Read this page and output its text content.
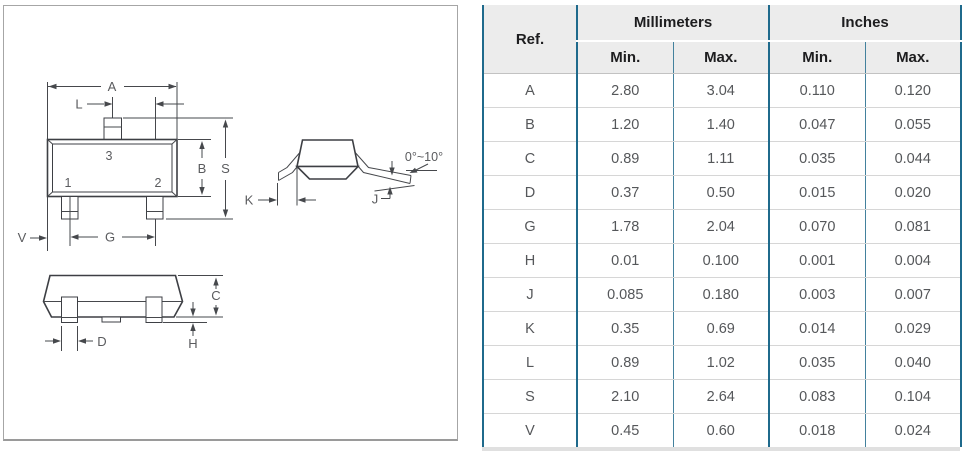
A
L
3
1	2
B S
V	G
K	J
0°~10°
C
H
D
Ref.	Millimeters		Inches	
	Min.	Max.	Min.	Max.
A	2.80	3.04	0.110	0.120
B	1.20	1.40	0.047	0.055
C	0.89	1.11	0.035	0.044
D	0.37	0.50	0.015	0.020
G	1.78	2.04	0.070	0.081
H	0.01	0.100	0.001	0.004
J	0.085	0.180	0.003	0.007
K	0.35	0.69	0.014	0.029
L	0.89	1.02	0.035	0.040
S	2.10	2.64	0.083	0.104
V	0.45	0.60	0.018	0.024
